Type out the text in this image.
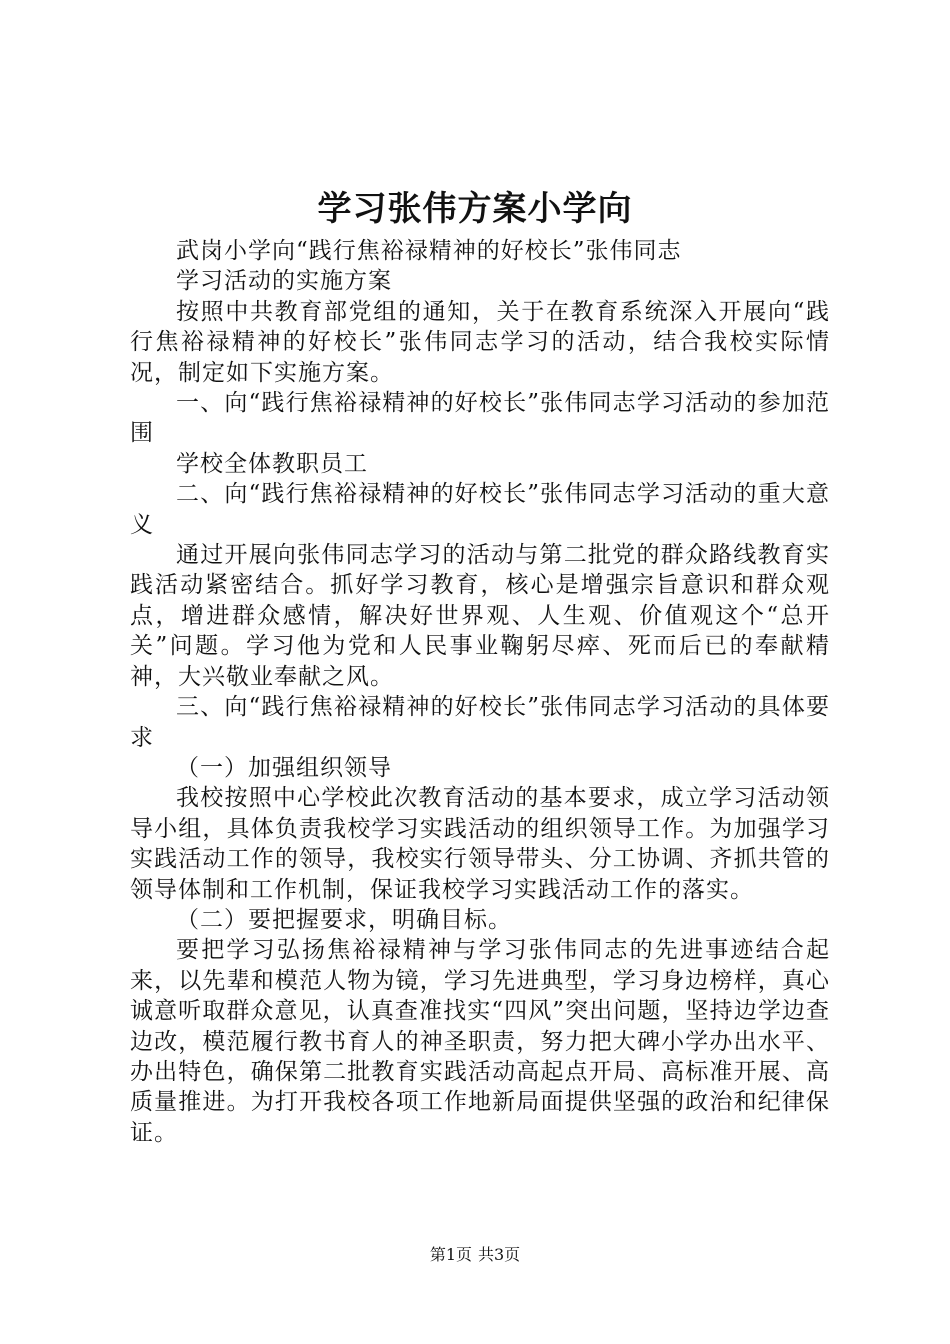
学习张伟方案小学向

武岗小学向“践行焦裕禄精神的好校长”张伟同志

学习活动的实施方案

按照中共教育部党组的通知，关于在教育系统深入开展向“践行焦裕禄精神的好校长”张伟同志学习的活动，结合我校实际情况，制定如下实施方案。

一、向“践行焦裕禄精神的好校长”张伟同志学习活动的参加范围

学校全体教职员工

二、向“践行焦裕禄精神的好校长”张伟同志学习活动的重大意义

通过开展向张伟同志学习的活动与第二批党的群众路线教育实践活动紧密结合。抓好学习教育，核心是增强宗旨意识和群众观点，增进群众感情，解决好世界观、人生观、价值观这个“总开关”问题。学习他为党和人民事业鞠躬尽瘁、死而后已的奉献精神，大兴敬业奉献之风。

三、向“践行焦裕禄精神的好校长”张伟同志学习活动的具体要求

（一）加强组织领导

我校按照中心学校此次教育活动的基本要求，成立学习活动领导小组，具体负责我校学习实践活动的组织领导工作。为加强学习实践活动工作的领导，我校实行领导带头、分工协调、齐抓共管的领导体制和工作机制，保证我校学习实践活动工作的落实。

（二）要把握要求，明确目标。

要把学习弘扬焦裕禄精神与学习张伟同志的先进事迹结合起来，以先辈和模范人物为镜，学习先进典型，学习身边榜样，真心诚意听取群众意见，认真查准找实“四风”突出问题，坚持边学边查边改，模范履行教书育人的神圣职责，努力把大碑小学办出水平、办出特色，确保第二批教育实践活动高起点开局、高标准开展、高质量推进。为打开我校各项工作地新局面提供坚强的政治和纪律保证。

第1页 共3页
